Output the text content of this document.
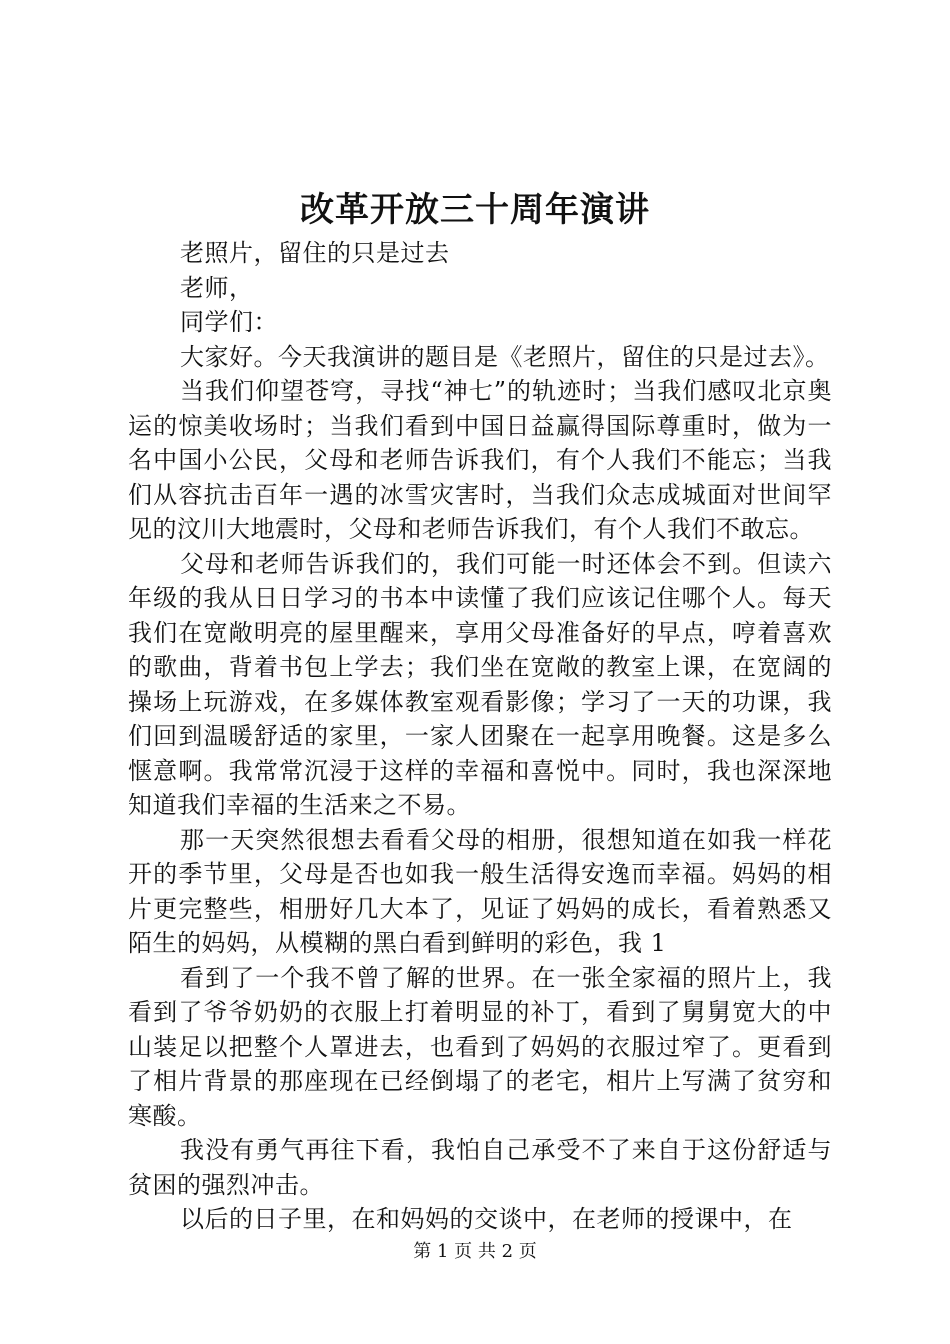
改革开放三十周年演讲

老照片，留住的只是过去

老师，

同学们：

大家好。今天我演讲的题目是《老照片，留住的只是过去》。

当我们仰望苍穹，寻找“神七”的轨迹时；当我们感叹北京奥运的惊美收场时；当我们看到中国日益赢得国际尊重时，做为一名中国小公民，父母和老师告诉我们，有个人我们不能忘；当我们从容抗击百年一遇的冰雪灾害时，当我们众志成城面对世间罕见的汶川大地震时，父母和老师告诉我们，有个人我们不敢忘。

父母和老师告诉我们的，我们可能一时还体会不到。但读六年级的我从日日学习的书本中读懂了我们应该记住哪个人。每天我们在宽敞明亮的屋里醒来，享用父母准备好的早点，哼着喜欢的歌曲，背着书包上学去；我们坐在宽敞的教室上课，在宽阔的操场上玩游戏，在多媒体教室观看影像；学习了一天的功课，我们回到温暖舒适的家里，一家人团聚在一起享用晚餐。这是多么惬意啊。我常常沉浸于这样的幸福和喜悦中。同时，我也深深地知道我们幸福的生活来之不易。

那一天突然很想去看看父母的相册，很想知道在如我一样花开的季节里，父母是否也如我一般生活得安逸而幸福。妈妈的相片更完整些，相册好几大本了，见证了妈妈的成长，看着熟悉又陌生的妈妈，从模糊的黑白看到鲜明的彩色，我 1

看到了一个我不曾了解的世界。在一张全家福的照片上，我看到了爷爷奶奶的衣服上打着明显的补丁，看到了舅舅宽大的中山装足以把整个人罩进去，也看到了妈妈的衣服过窄了。更看到了相片背景的那座现在已经倒塌了的老宅，相片上写满了贫穷和寒酸。

我没有勇气再往下看，我怕自己承受不了来自于这份舒适与贫困的强烈冲击。

以后的日子里，在和妈妈的交谈中，在老师的授课中，在

第 1 页 共 2 页
